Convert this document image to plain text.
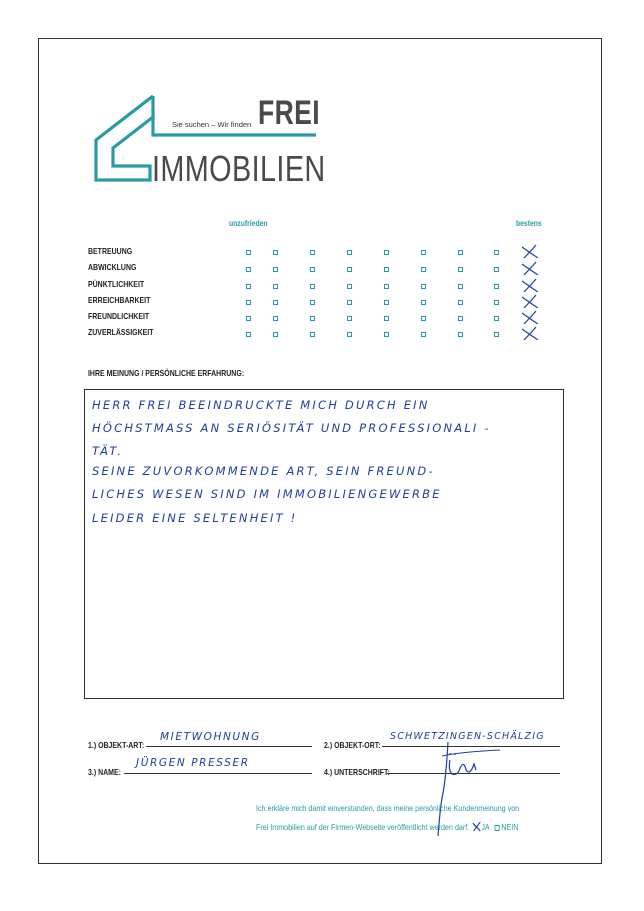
Sie suchen – Wir finden FREI
IMMOBILIEN
unzufrieden	bestens
BETREUUNG
ABWICKLUNG
PÜNKTLICHKEIT
ERREICHBARKEIT
FREUNDLICHKEIT
ZUVERLÄSSIGKEIT
IHRE MEINUNG / PERSÖNLICHE ERFAHRUNG:
HERR FREI BEEINDRUCKTE MICH DURCH EIN
HÖCHSTMASS AN SERIÖSITÄT UND PROFESSIONALI -
TÄT.
SEINE ZUVORKOMMENDE ART, SEIN FREUND-
LICHES WESEN SIND IM IMMOBILIENGEWERBE
LEIDER EINE SELTENHEIT !
1.) OBJEKT-ART:
MIETWOHNUNG
2.) OBJEKT-ORT:
SCHWETZINGEN-SCHÄLZIG
3.) NAME:
JÜRGEN PRESSER
4.) UNTERSCHRIFT:
Ich erkläre mich damit einverstanden, dass meine persönliche Kundenmeinung von
Frei Immobilien auf der Firmen-Webseite veröffentlicht werden darf. JA NEIN
